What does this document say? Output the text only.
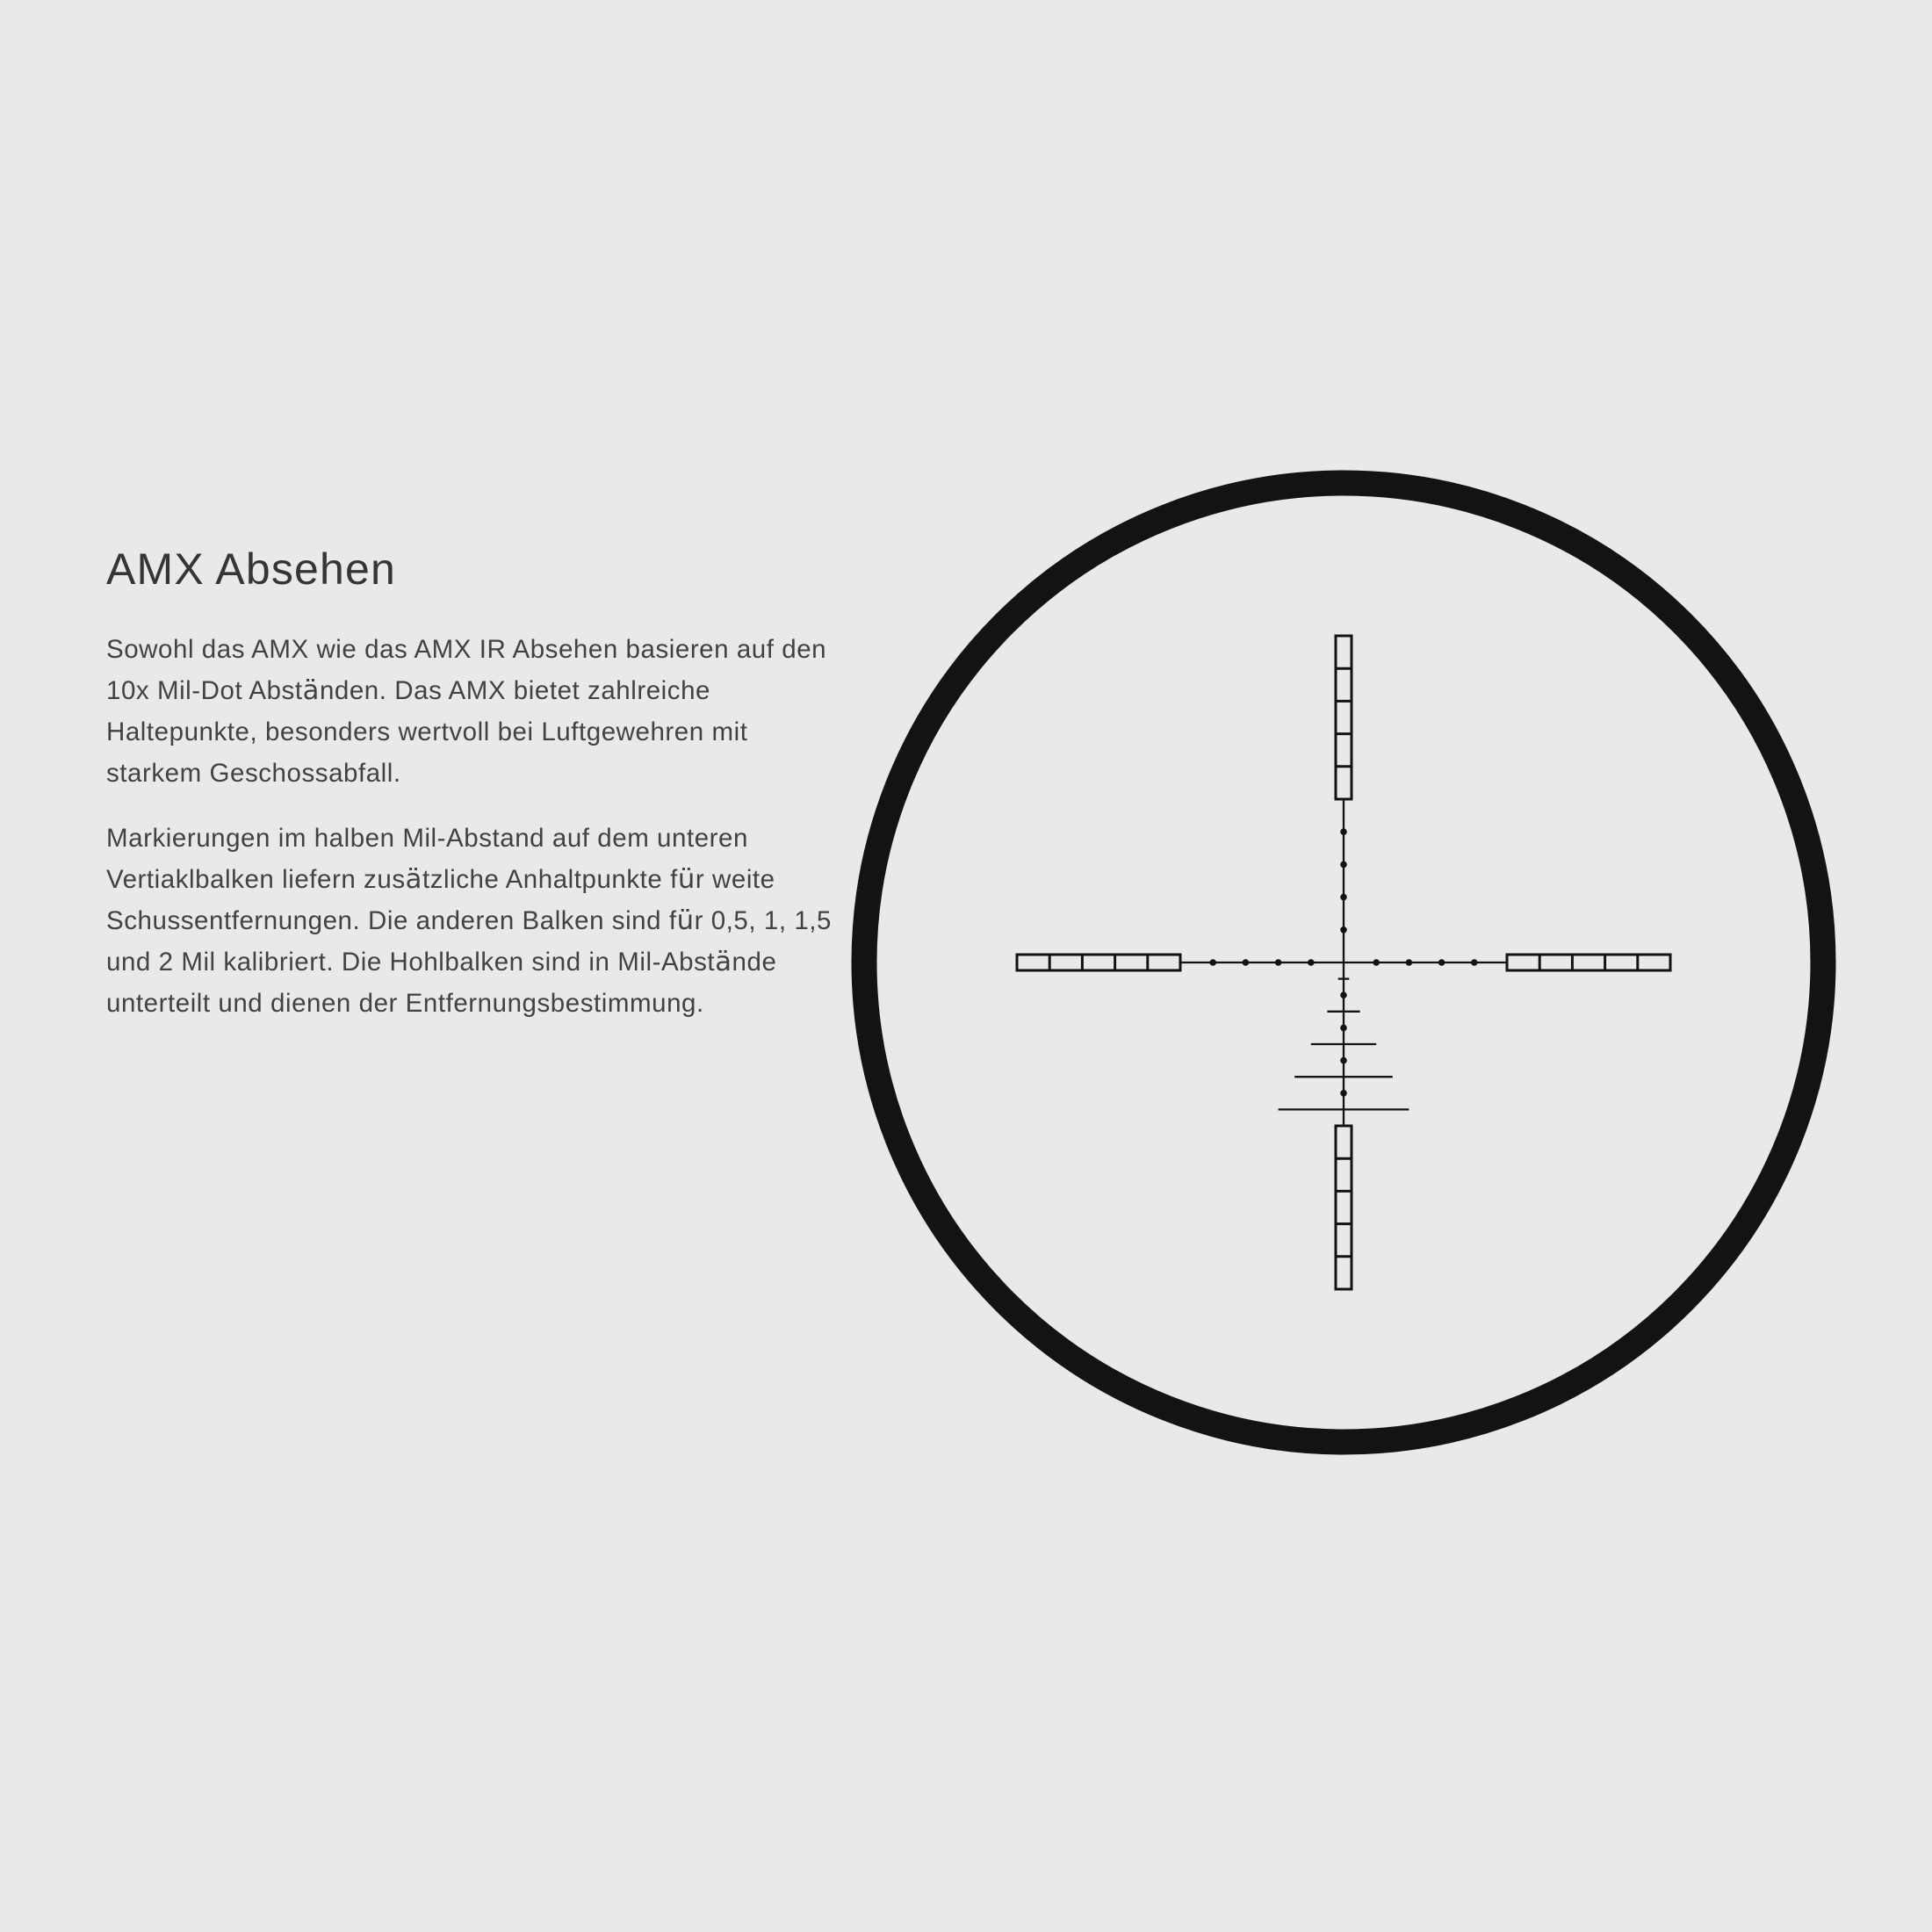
AMX Absehen

Sowohl das AMX wie das AMX IR Absehen basieren auf den
10x Mil-Dot Abständen. Das AMX bietet zahlreiche
Haltepunkte, besonders wertvoll bei Luftgewehren mit
starkem Geschossabfall.

Markierungen im halben Mil-Abstand auf dem unteren
Vertiaklbalken liefern zusätzliche Anhaltpunkte für weite
Schussentfernungen. Die anderen Balken sind für 0,5, 1, 1,5
und 2 Mil kalibriert. Die Hohlbalken sind in Mil-Abstände
unterteilt und dienen der Entfernungsbestimmung.
